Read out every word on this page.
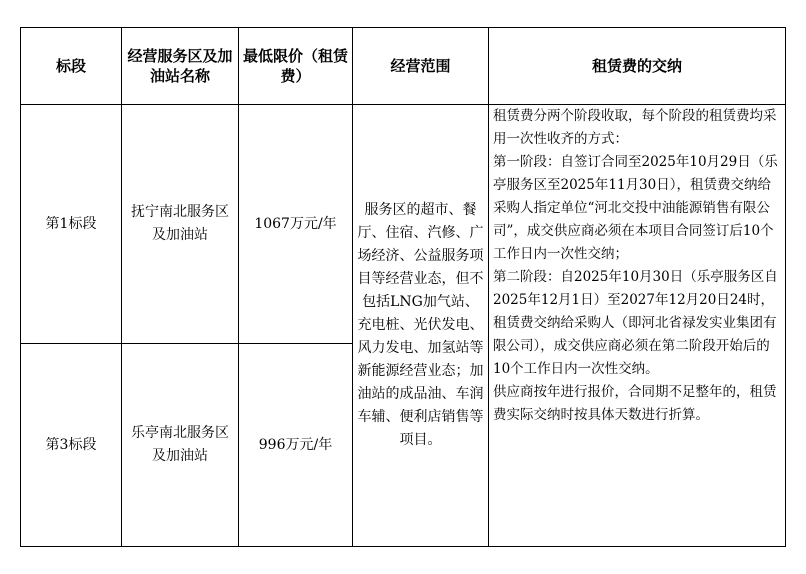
标段	经营服务区及加油站名称	最低限价（租赁费）	经营范围	租赁费的交纳
第1标段	抚宁南北服务区及加油站	1067万元/年	服务区的超市、餐厅、住宿、汽修、广场经济、公益服务项目等经营业态，但不包括LNG加气站、充电桩、光伏发电、风力发电、加氢站等新能源经营业态；加油站的成品油、车润车辅、便利店销售等项目。	租赁费分两个阶段收取，每个阶段的租赁费均采用一次性收齐的方式：
第一阶段：自签订合同至2025年10月29日（乐亭服务区至2025年11月30日），租赁费交纳给采购人指定单位“河北交投中油能源销售有限公司”，成交供应商必须在本项目合同签订后10个工作日内一次性交纳；
第二阶段：自2025年10月30日（乐亭服务区自2025年12月1日）至2027年12月20日24时，租赁费交纳给采购人（即河北省禄发实业集团有限公司），成交供应商必须在第二阶段开始后的10个工作日内一次性交纳。
供应商按年进行报价，合同期不足整年的，租赁费实际交纳时按具体天数进行折算。

第3标段	乐亭南北服务区及加油站	996万元/年		
